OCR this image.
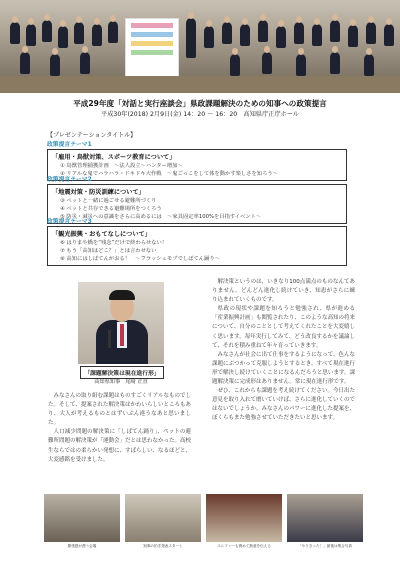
平成29年度「対話と実行座談会」県政課題解決のための知事への政策提言
平成30年(2018) 2月9日(金) 14：20 〜 16：20　高知県庁正庁ホール
【プレゼンテーションタイトル】
政策提言テーマ1
「雇用・鳥獣対策、スポーツ教育について」
① 鳥獣管理捕獲計画　〜法人設立〜ハンター増加〜
② リアルな鬼でハラハラ・ドキドキ大作戦　〜鬼ごっこをして体を動かす楽しさを知ろう〜
政策提言テーマ2
「地震対策・防災訓練について」
③ ペットと一緒に過ごせる避難所づくり
④ ペットと共存できる避難場所をつくろう
⑤ 防災・減災への意識をさらに高めるには　〜家具固定率100%を目指すイベント〜
政策提言テーマ3
「観光振興・おもてなしについて」
⑥ はりまや橋を“残念”だけで終わらせない！
⑦ もう「高知はどこ？」とは言わせない
⑧ 高知にはしばてんがおる！　〜フラッシュモブでしばてん踊り〜
「課題解決策は現在進行形」
高知県知事　尾﨑 正直

みなさんの取り組む課題はものすごくリアルなものでした。そして、提案された解決策はかわいらしいところもあり、大人が考えるものとはずいぶん違うなあと思いました。

人口減少問題の解決策に「しばてん踊り」、ペットの避難所問題の解決策が「運動会」だとは思わなかった。高校生ならではの柔らかい発想に、すばらしい、なるほどと、大変感銘を受けました。

解決策というのは、いきなり100点満点のものなんてありません。どんどん進化し続けていき、知恵がさらに練り込まれていくものです。

県政の現状や課題を知ろうと勉強され、県が進める「産業振興計画」も閲覧されたり、このような高知の将来について、自分のこととして考えてくれたことを大変嬉しく思います。毎年実行してみて、どう改良するかを議論して、それを積み重ねて年々育っていきます。

みなさんが社会に出て仕事をするようになって、色んな課題にぶつかって克服しようとするとき、すべて現在進行形で解決し続けていくことになるんだろうと思います。課題解決策に完成形はありません。常に現在進行形です。

ぜひ、これからも課題を考え続けてください。今日出た意見を取り入れて磨いていけば、さらに進化していくのではないでしょうか。みなさんのパワーに進化した提案を、ぼくらもまた勉強させていただきたいと思います。

緊張感が漂う会場	知事の拍手発表スタート	スニファーも務めて熱意を伝える	「やりきった！」最後は集合写真
